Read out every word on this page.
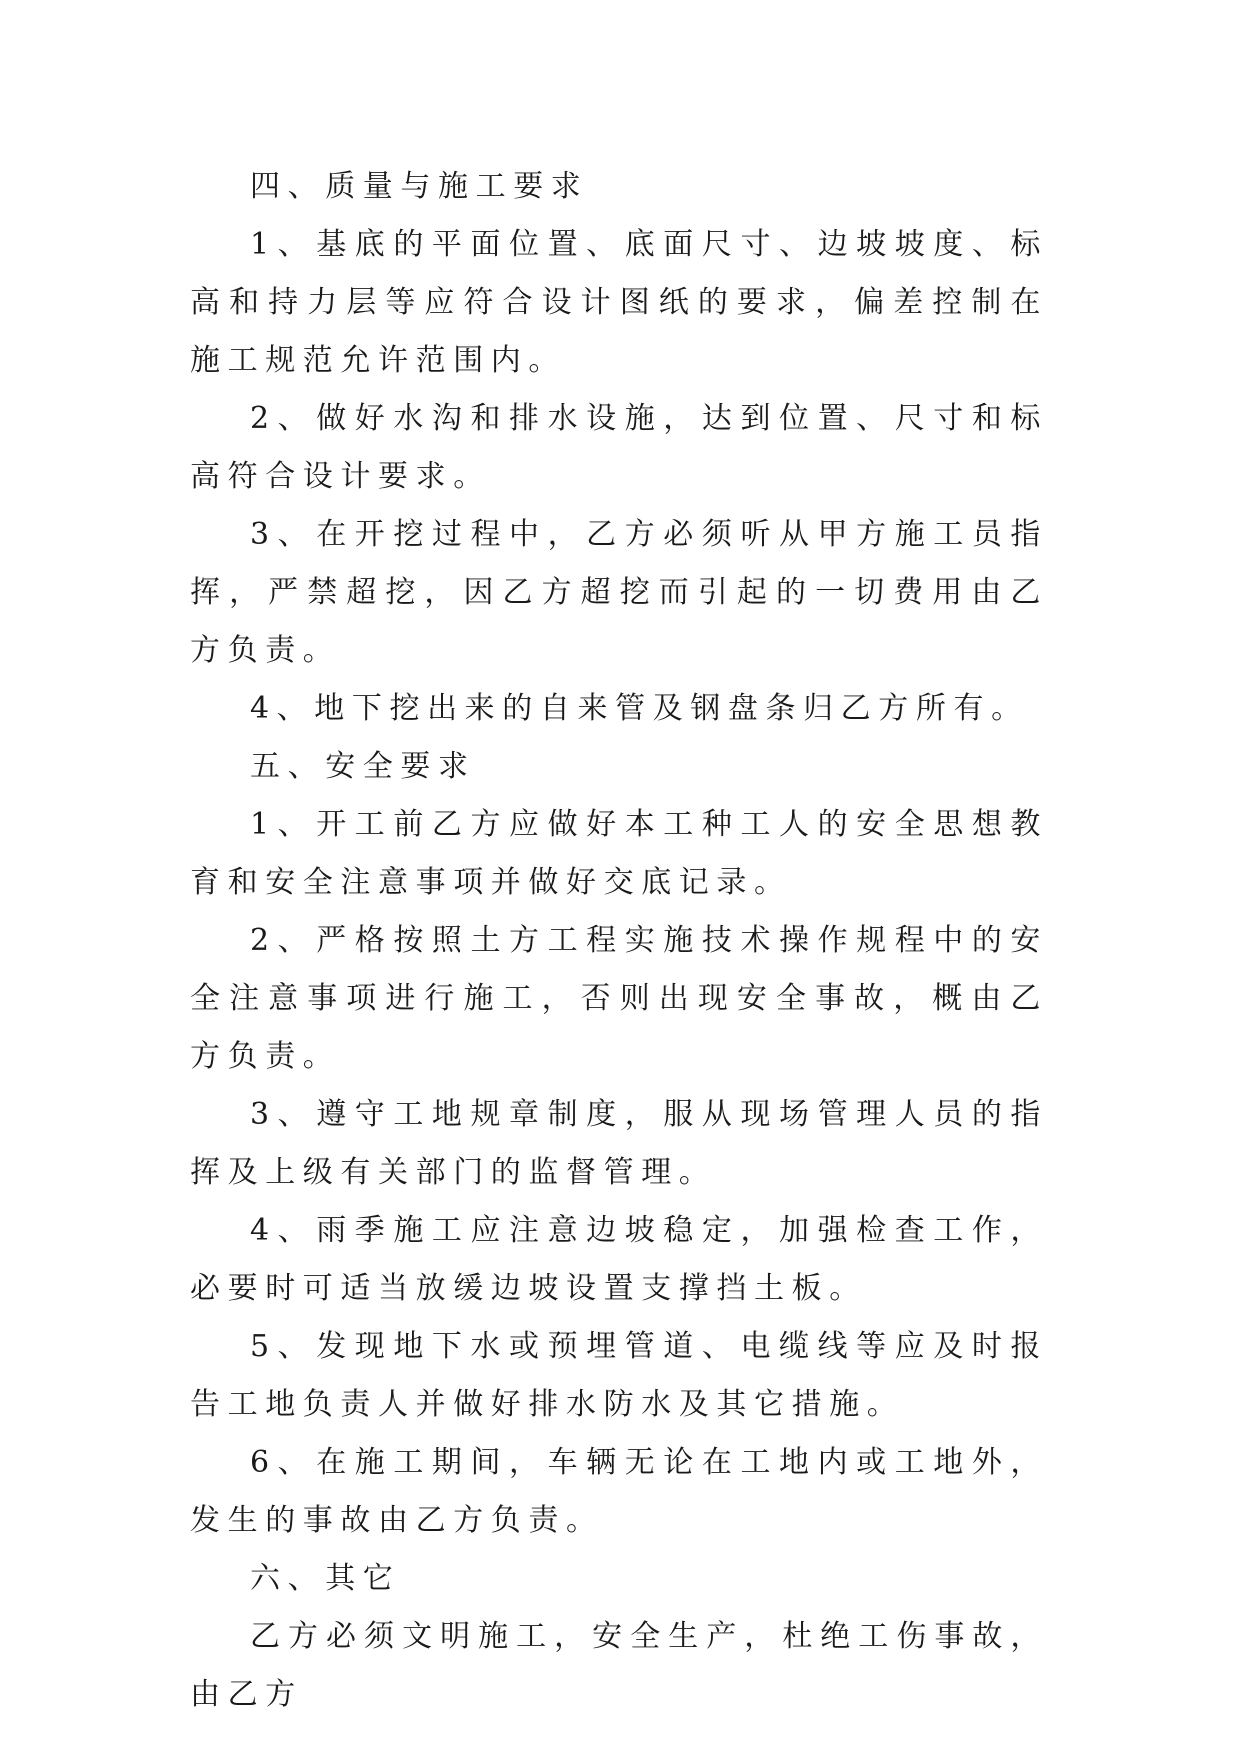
四、质量与施工要求

1、基底的平面位置、底面尺寸、边坡坡度、标高和持力层等应符合设计图纸的要求，偏差控制在施工规范允许范围内。

2、做好水沟和排水设施，达到位置、尺寸和标高符合设计要求。

3、在开挖过程中，乙方必须听从甲方施工员指挥，严禁超挖，因乙方超挖而引起的一切费用由乙方负责。

4、地下挖出来的自来管及钢盘条归乙方所有。

五、安全要求

1、开工前乙方应做好本工种工人的安全思想教育和安全注意事项并做好交底记录。

2、严格按照土方工程实施技术操作规程中的安全注意事项进行施工，否则出现安全事故，概由乙方负责。

3、遵守工地规章制度，服从现场管理人员的指挥及上级有关部门的监督管理。

4、雨季施工应注意边坡稳定，加强检查工作，必要时可适当放缓边坡设置支撑挡土板。

5、发现地下水或预埋管道、电缆线等应及时报告工地负责人并做好排水防水及其它措施。

6、在施工期间，车辆无论在工地内或工地外，发生的事故由乙方负责。

六、其它

乙方必须文明施工，安全生产，杜绝工伤事故，由乙方
